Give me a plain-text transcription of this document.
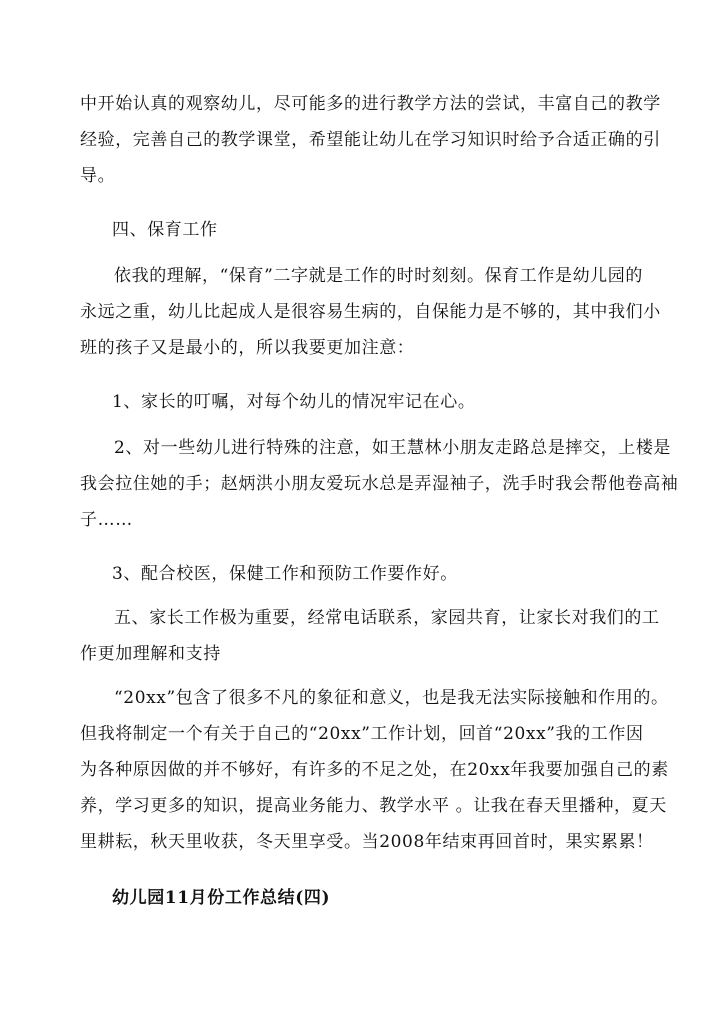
中开始认真的观察幼儿，尽可能多的进行教学方法的尝试，丰富自己的教学
经验，完善自己的教学课堂，希望能让幼儿在学习知识时给予合适正确的引
导。
四、保育工作
依我的理解，“保育”二字就是工作的时时刻刻。保育工作是幼儿园的
永远之重，幼儿比起成人是很容易生病的，自保能力是不够的，其中我们小
班的孩子又是最小的，所以我要更加注意：
1、家长的叮嘱，对每个幼儿的情况牢记在心。
2、对一些幼儿进行特殊的注意，如王慧林小朋友走路总是摔交，上楼是
我会拉住她的手；赵炳洪小朋友爱玩水总是弄湿袖子，洗手时我会帮他卷高袖
子……
3、配合校医，保健工作和预防工作要作好。
五、家长工作极为重要，经常电话联系，家园共育，让家长对我们的工
作更加理解和支持
“20xx”包含了很多不凡的象征和意义，也是我无法实际接触和作用的。
但我将制定一个有关于自己的“20xx”工作计划，回首“20xx”我的工作因
为各种原因做的并不够好，有许多的不足之处，在20xx年我要加强自己的素
养，学习更多的知识，提高业务能力、教学水平 。让我在春天里播种，夏天
里耕耘，秋天里收获，冬天里享受。当2008年结束再回首时，果实累累！
幼儿园11月份工作总结(四)
